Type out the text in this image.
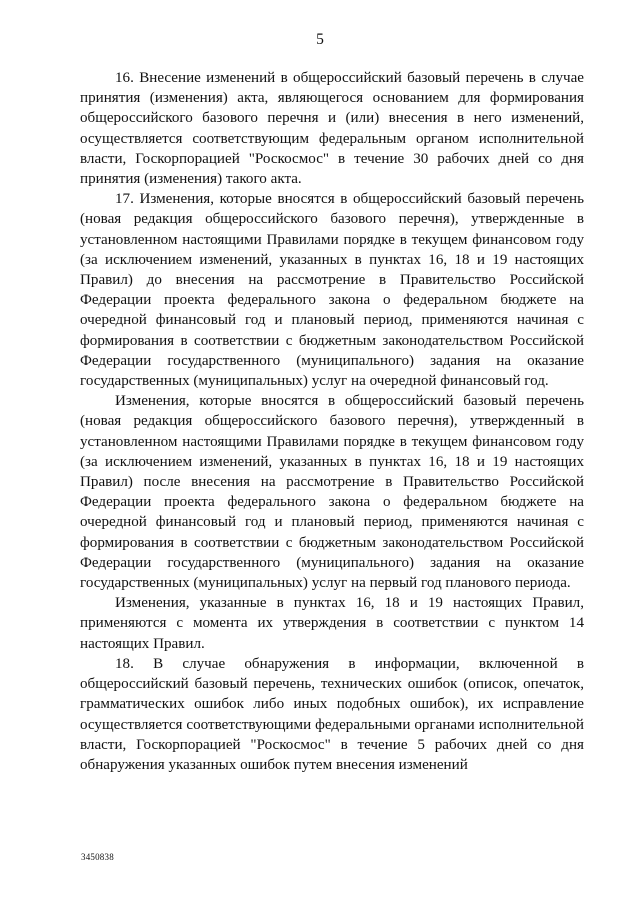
5

16. Внесение изменений в общероссийский базовый перечень в случае принятия (изменения) акта, являющегося основанием для формирования общероссийского базового перечня и (или) внесения в него изменений, осуществляется соответствующим федеральным органом исполнительной власти, Госкорпорацией "Роскосмос" в течение 30 рабочих дней со дня принятия (изменения) такого акта.

17. Изменения, которые вносятся в общероссийский базовый перечень (новая редакция общероссийского базового перечня), утвержденные в установленном настоящими Правилами порядке в текущем финансовом году (за исключением изменений, указанных в пунктах 16, 18 и 19 настоящих Правил) до внесения на рассмотрение в Правительство Российской Федерации проекта федерального закона о федеральном бюджете на очередной финансовый год и плановый период, применяются начиная с формирования в соответствии с бюджетным законодательством Российской Федерации государственного (муниципального) задания на оказание государственных (муниципальных) услуг на очередной финансовый год.

Изменения, которые вносятся в общероссийский базовый перечень (новая редакция общероссийского базового перечня), утвержденный в установленном настоящими Правилами порядке в текущем финансовом году (за исключением изменений, указанных в пунктах 16, 18 и 19 настоящих Правил) после внесения на рассмотрение в Правительство Российской Федерации проекта федерального закона о федеральном бюджете на очередной финансовый год и плановый период, применяются начиная с формирования в соответствии с бюджетным законодательством Российской Федерации государственного (муниципального) задания на оказание государственных (муниципальных) услуг на первый год планового периода.

Изменения, указанные в пунктах 16, 18 и 19 настоящих Правил, применяются с момента их утверждения в соответствии с пунктом 14 настоящих Правил.

18. В случае обнаружения в информации, включенной в общероссийский базовый перечень, технических ошибок (описок, опечаток, грамматических ошибок либо иных подобных ошибок), их исправление осуществляется соответствующими федеральными органами исполнительной власти, Госкорпорацией "Роскосмос" в течение 5 рабочих дней со дня обнаружения указанных ошибок путем внесения изменений

3450838
